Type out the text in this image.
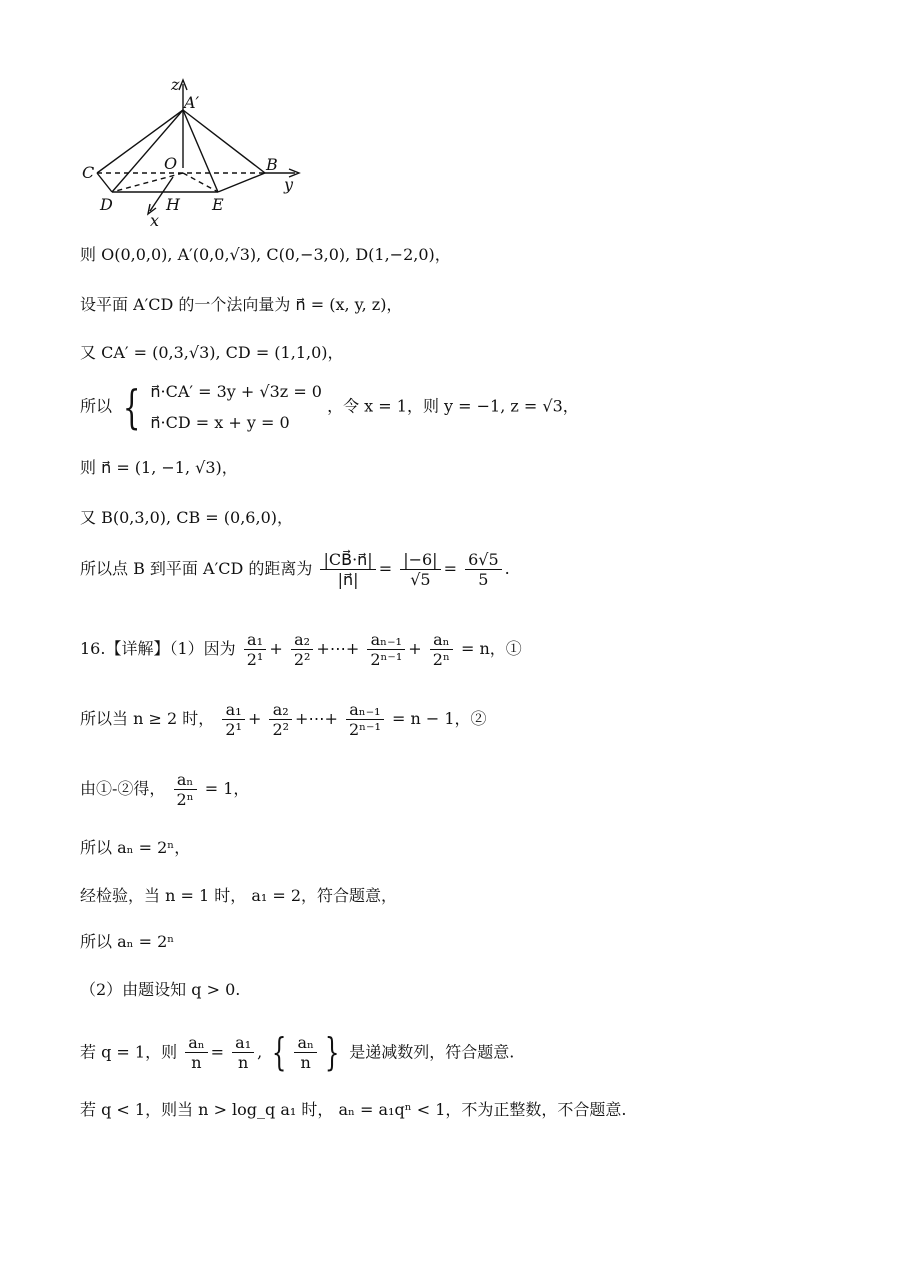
z
A′
C	O	B
y
D	H E
x
则 O(0,0,0), A′(0,0,√3), C(0,−3,0), D(1,−2,0)，
设平面 A′CD 的一个法向量为 n⃗ = (x, y, z)，
又 CA′ = (0,3,√3), CD = (1,1,0)，
所以 { n⃗·CA′ = 3y + √3z = 0
n⃗·CD = x + y = 0
，令 x = 1，则 y = −1, z = √3，
则 n⃗ = (1, −1, √3)，
又 B(0,3,0), CB = (0,6,0)，
所以点 B 到平面 A′CD 的距离为 $\frac{|CB⃗\cdot n⃗|}{|n⃗|} = \frac{|-6|}{√5} = \frac{6√5}{5}$ .
16.【详解】（1）因为 $\frac{\text{a₁}}{\text{2¹}} + \frac{\text{a₂}}{\text{2²}}$ +⋯+ $\frac{\text{aₙ₋₁}}{\text{2ⁿ⁻¹}} + \frac{\text{aₙ}}{\text{2ⁿ}} = n$，①
所以当 n ≥ 2 时， $\frac{\text{a₁}}{\text{2¹}} + \frac{\text{a₂}}{\text{2²}}$ +⋯+ $\frac{\text{aₙ₋₁}}{\text{2ⁿ⁻¹}} = n - 1$，②
由①-②得， $\frac{\text{aₙ}}{\text{2ⁿ}} = 1$，
所以 aₙ = 2ⁿ，
经检验，当 n = 1 时， a₁ = 2，符合题意，
所以 aₙ = 2ⁿ
（2）由题设知 q > 0.
若 q = 1，则 $\frac{\text{aₙ}}{n} = \frac{\text{a₁}}{n}$ , { $\frac{\text{aₙ}}{n}$ } 是递减数列，符合题意.
若 q < 1，则当 n > log_q a₁ 时， aₙ = a₁qⁿ < 1，不为正整数，不合题意.
